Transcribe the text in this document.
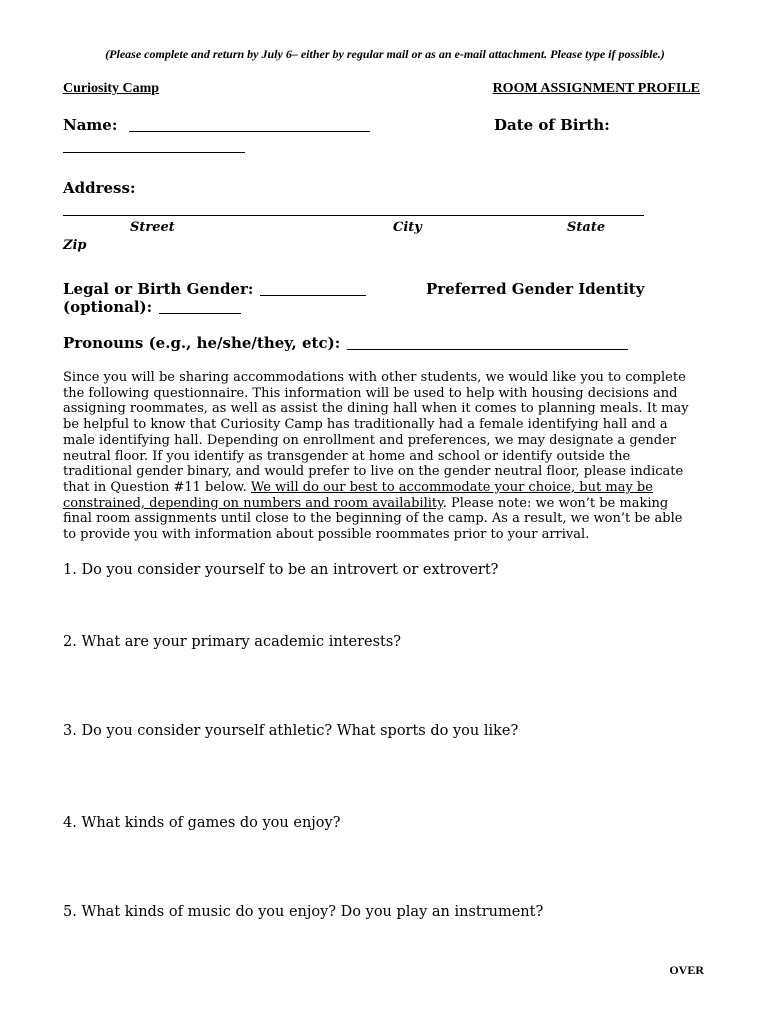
(Please complete and return by July 6– either by regular mail or as an e-mail attachment. Please type if possible.)
Curiosity Camp	ROOM ASSIGNMENT PROFILE
Name:	Date of Birth:
Address:
Street	City	State
Zip
Legal or Birth Gender:	Preferred Gender Identity
(optional):
Pronouns (e.g., he/she/they, etc):
Since you will be sharing accommodations with other students, we would like you to complete
the following questionnaire. This information will be used to help with housing decisions and
assigning roommates, as well as assist the dining hall when it comes to planning meals. It may
be helpful to know that Curiosity Camp has traditionally had a female identifying hall and a
male identifying hall. Depending on enrollment and preferences, we may designate a gender
neutral floor. If you identify as transgender at home and school or identify outside the
traditional gender binary, and would prefer to live on the gender neutral floor, please indicate
that in Question #11 below. We will do our best to accommodate your choice, but may be
constrained, depending on numbers and room availability. Please note: we won’t be making
final room assignments until close to the beginning of the camp. As a result, we won’t be able
to provide you with information about possible roommates prior to your arrival.
1. Do you consider yourself to be an introvert or extrovert?
2. What are your primary academic interests?
3. Do you consider yourself athletic? What sports do you like?
4. What kinds of games do you enjoy?
5. What kinds of music do you enjoy? Do you play an instrument?
OVER
